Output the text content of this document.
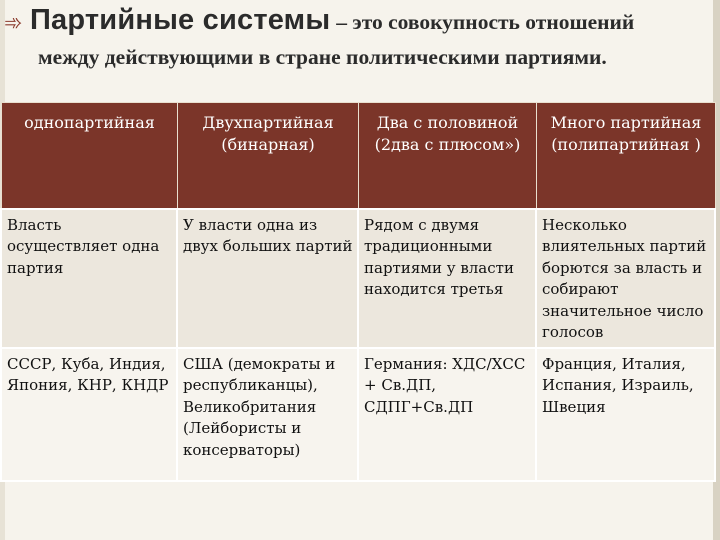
➾ Партийные системы – это совокупность отношений
между действующими в стране политическими партиями.
однопартийная	Двухпартийная (бинарная)	Два с половиной (2два с плюсом»)	Много партийная (полипартийная )
Власть осуществляет одна партия	У власти одна из двух больших партий	Рядом с двумя традиционными партиями у власти находится третья	Несколько влиятельных партий борются за власть и собирают значительное число голосов
СССР, Куба, Индия, Япония, КНР, КНДР	США (демократы и республиканцы), Великобритания (Лейбористы и консерваторы)	Германия: ХДС/ХСС + Св.ДП, СДПГ+Св.ДП	Франция, Италия, Испания, Израиль, Швеция
